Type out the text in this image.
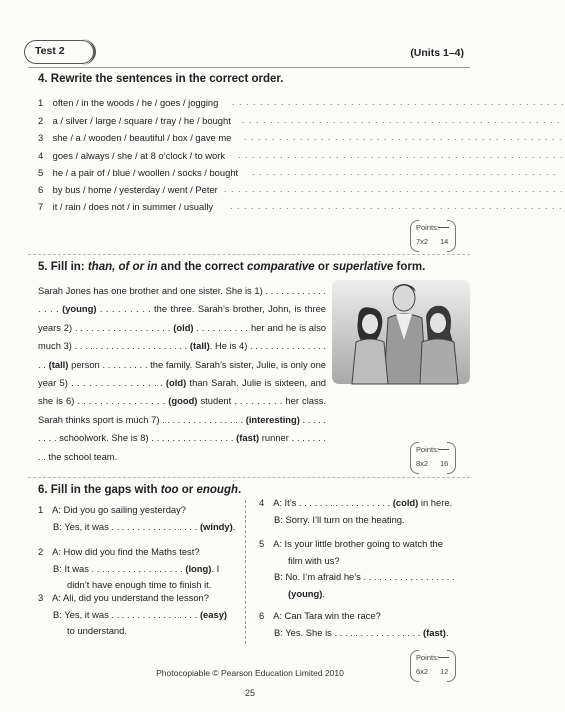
Test 2	(Units 1–4)
4. Rewrite the sentences in the correct order.
1 often / in the woods / he / goes / jogging . . . . . . . . . . . . . . . . . . . . . . . . . . . . . . . . . . . . . . . . . . . . . . . .
2 a / silver / large / square / tray / he / bought . . . . . . . . . . . . . . . . . . . . . . . . . . . . . . . . . . . . . . . . . . . . . .
3 she / a / wooden / beautiful / box / gave me . . . . . . . . . . . . . . . . . . . . . . . . . . . . . . . . . . . . . . . . . . . . . .
4 goes / always / she / at 8 o’clock / to work . . . . . . . . . . . . . . . . . . . . . . . . . . . . . . . . . . . . . . . . . . . . . . .
5 he / a pair of / blue / woollen / socks / bought . . . . . . . . . . . . . . . . . . . . . . . . . . . . . . . . . . . . . . . . . . . .
6 by bus / home / yesterday / went / Peter . . . . . . . . . . . . . . . . . . . . . . . . . . . . . . . . . . . . . . . . . . . . . . . . .
7 it / rain / does not / in summer / usually . . . . . . . . . . . . . . . . . . . . . . . . . . . . . . . . . . . . . . . . . . . . . . . .
Points:
7x2 14
5. Fill in: than, of or in and the correct comparative or superlative form.
Sarah Jones has one brother and one sister. She is 1) . . . . . . . . . . . . . . . . (young) . . . . . . . . . the three. Sarah’s brother, John, is three years 2) . . . . . . . . . . . . . . . . . . (old) . . . . . . . . . . her and he is also much 3) . . . . . . . . . . . . . . . . . . . . . . (tall). He is 4) . . . . . . . . . . . . . . . . . (tall) person . . . . . . . . . the family. Sarah’s sister, Julie, is only one year 5) . . . . . . . . . . . . . . . . (old) than Sarah. Julie is sixteen, and she is 6) . . . . . . . . . . . . . . . . (good) student . . . . . . . . . her class. Sarah thinks sport is much 7) . . . . . . . . . . . . . . . . (interesting) . . . . . . . . . schoolwork. She is 8) . . . . . . . . . . . . . . . . (fast) runner . . . . . . . . . the school team.
Points:
8x2 16
6. Fill in the gaps with too or enough.
1 A: Did you go sailing yesterday?
B: Yes, it was . . . . . . . . . . . . . . . . . (windy).
2 A: How did you find the Maths test?
B: It was . . . . . . . . . . . . . . . . . . (long). I
didn’t have enough time to finish it.
3 A: Ali, did you understand the lesson?
B: Yes, it was . . . . . . . . . . . . . . . . . (easy)
to understand.
4 A: It’s . . . . . . . . . . . . . . . . . . (cold) in here.
B: Sorry. I’ll turn on the heating.
5 A: Is your little brother going to watch the
film with us?
B: No. I’m afraid he’s . . . . . . . . . . . . . . . . . .
(young).
6 A: Can Tara win the race?
B: Yes. She is . . . . . . . . . . . . . . . . . (fast).
Points:
6x2 12
Photocopiable © Pearson Education Limited 2010
25
